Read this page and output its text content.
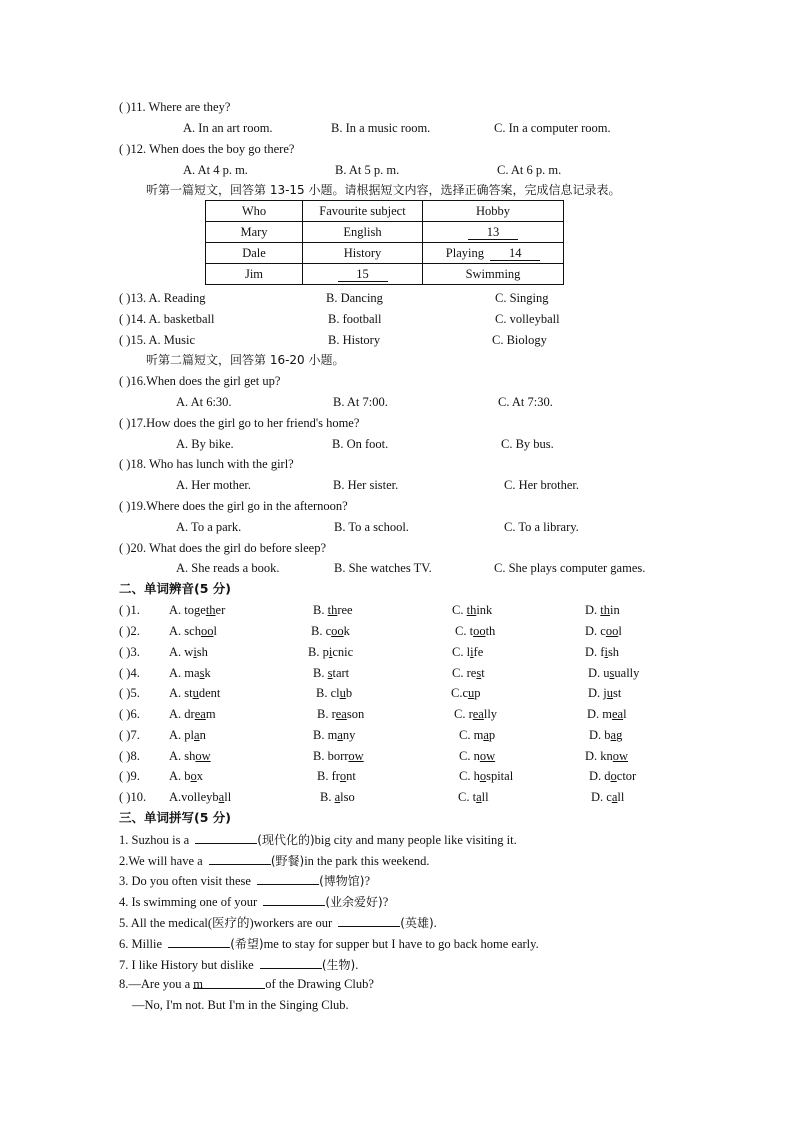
( )11. Where are they?
A. In an art room.	B. In a music room.	C. In a computer room.
( )12. When does the boy go there?
A. At 4 p. m.	B. At 5 p. m.	C. At 6 p. m.
听第一篇短文，回答第 13-15 小题。请根据短文内容，选择正确答案，完成信息记录表。
Who	Favourite subject	Hobby
Mary	English	13
Dale	History	Playing 14
Jim	15	Swimming
( )13. A. Reading	B. Dancing	C. Singing
( )14. A. basketball	B. football	C. volleyball
( )15. A. Music	B. History	C. Biology
听第二篇短文，回答第 16-20 小题。
( )16.When does the girl get up?
A. At 6:30.	B. At 7:00.	C. At 7:30.
( )17.How does the girl go to her friend's home?
A. By bike.	B. On foot.	C. By bus.
( )18. Who has lunch with the girl?
A. Her mother.	B. Her sister.	C. Her brother.
( )19.Where does the girl go in the afternoon?
A. To a park.	B. To a school.	C. To a library.
( )20. What does the girl do before sleep?
A. She reads a book.	B. She watches TV.	C. She plays computer games.
二、单词辨音(5 分)
( )1. A. together	B. three	C. think	D. thin
( )2. A. school	B. cook	C. tooth	D. cool
( )3. A. wish	B. picnic	C. life	D. fish
( )4. A. mask	B. start	C. rest	D. usually
( )5. A. student	B. club	C.cup	D. just
( )6. A. dream	B. reason	C. really	D. meal
( )7. A. plan	B. many	C. map	D. bag
( )8. A. show	B. borrow	C. now	D. know
( )9. A. box	B. front	C. hospital	D. doctor
( )10. A.volleyball	B. also	C. tall	D. call
三、单词拼写(5 分)
1. Suzhou is a	(现代化的)big city and many people like visiting it.
2.We will have a	(野餐)in the park this weekend.
3. Do you often visit these	(博物馆)?
4. Is swimming one of your	(业余爱好)?
5. All the medical(医疗的)workers are our	(英雄).
6. Millie	(希望)me to stay for supper but I have to go back home early.
7. I like History but dislike	(生物).
8.—Are you a m	of the Drawing Club?
—No, I'm not. But I'm in the Singing Club.
